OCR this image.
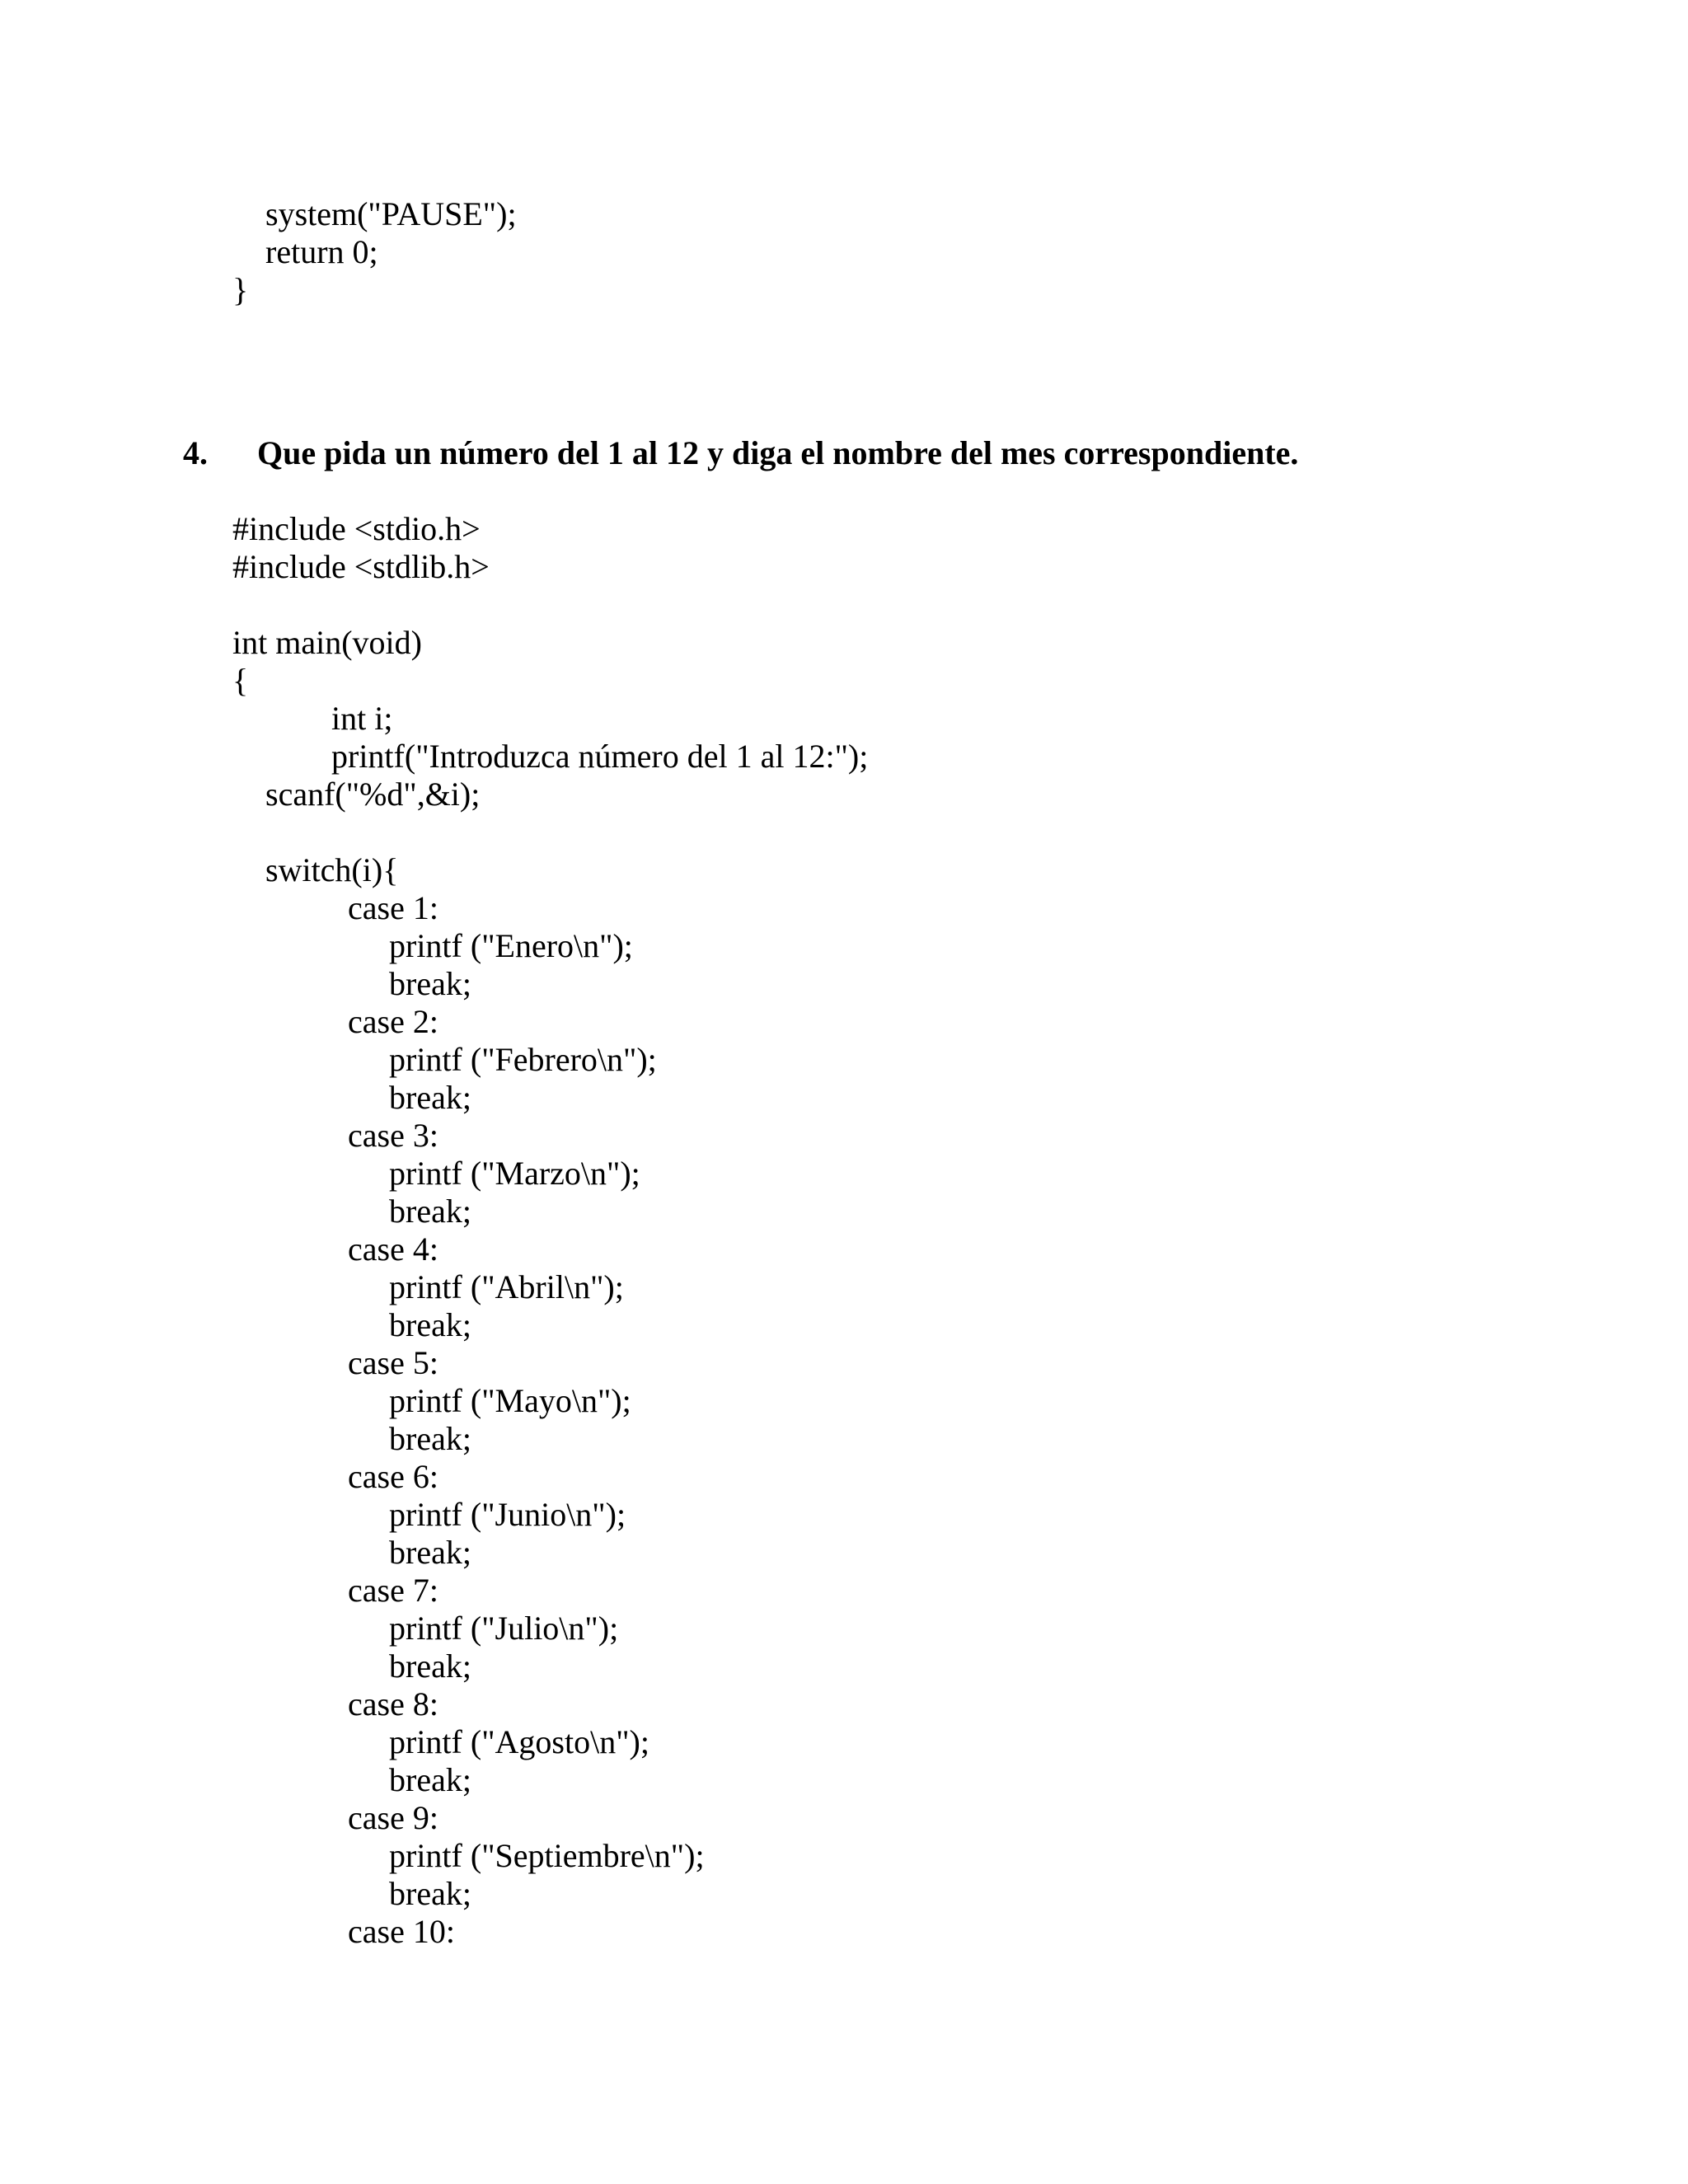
system("PAUSE");
return 0;
}
4. Que pida un número del 1 al 12 y diga el nombre del mes correspondiente.
#include <stdio.h>
#include <stdlib.h>
int main(void)
{
int i;
printf("Introduzca número del 1 al 12:");
scanf("%d",&i);
switch(i){
case 1:
printf ("Enero\n");
break;
case 2:
printf ("Febrero\n");
break;
case 3:
printf ("Marzo\n");
break;
case 4:
printf ("Abril\n");
break;
case 5:
printf ("Mayo\n");
break;
case 6:
printf ("Junio\n");
break;
case 7:
printf ("Julio\n");
break;
case 8:
printf ("Agosto\n");
break;
case 9:
printf ("Septiembre\n");
break;
case 10:
